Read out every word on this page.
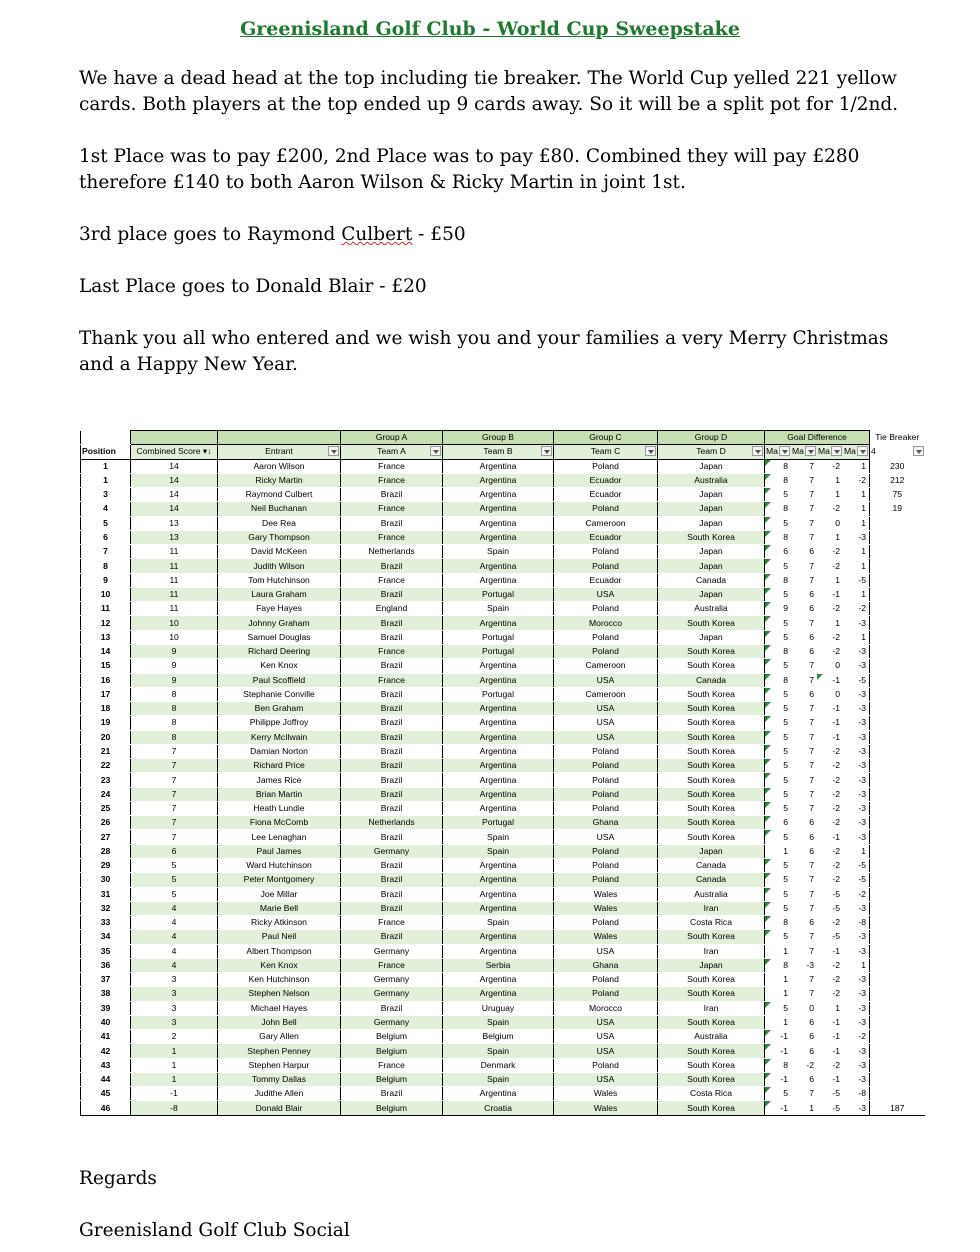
Greenisland Golf Club - World Cup Sweepstake
We have a dead head at the top including tie breaker. The World Cup yelled 221 yellow cards. Both players at the top ended up 9 cards away. So it will be a split pot for 1/2nd.
1st Place was to pay £200, 2nd Place was to pay £80. Combined they will pay £280 therefore £140 to both Aaron Wilson & Ricky Martin in joint 1st.
3rd place goes to Raymond Culbert - £50
Last Place goes to Donald Blair - £20
Thank you all who entered and we wish you and your families a very Merry Christmas and a Happy New Year.
Regards
Greenisland Golf Club Social
			Group A	Group B	Group C	Group D	Goal Difference				Tie Breaker
Position	Combined Score ▾↓	Entrant	Team A	Team B	Team C	Team D	Ma	Ma	Ma	Ma	4

1	14	Aaron Wilson	France	Argentina	Poland	Japan	8	7	-2	1	230
1	14	Ricky Martin	France	Argentina	Ecuador	Australia	8	7	1	-2	212
3	14	Raymond Culbert	Brazil	Argentina	Ecuador	Japan	5	7	1	1	75
4	14	Neil Buchanan	France	Argentina	Poland	Japan	8	7	-2	1	19
5	13	Dee Rea	Brazil	Argentina	Cameroon	Japan	5	7	0	1	
6	13	Gary Thompson	France	Argentina	Ecuador	South Korea	8	7	1	-3	
7	11	David McKeen	Netherlands	Spain	Poland	Japan	6	6	-2	1	
8	11	Judith Wilson	Brazil	Argentina	Poland	Japan	5	7	-2	1	
9	11	Tom Hutchinson	France	Argentina	Ecuador	Canada	8	7	1	-5	
10	11	Laura Graham	Brazil	Portugal	USA	Japan	5	6	-1	1	
11	11	Faye Hayes	England	Spain	Poland	Australia	9	6	-2	-2	
12	10	Johnny Graham	Brazil	Argentina	Morocco	South Korea	5	7	1	-3	
13	10	Samuel Douglas	Brazil	Portugal	Poland	Japan	5	6	-2	1	
14	9	Richard Deering	France	Portugal	Poland	South Korea	8	6	-2	-3	
15	9	Ken Knox	Brazil	Argentina	Cameroon	South Korea	5	7	0	-3	
16	9	Paul Scoffield	France	Argentina	USA	Canada	8	7	-1	-5	
17	8	Stephanie Conville	Brazil	Portugal	Cameroon	South Korea	5	6	0	-3	
18	8	Ben Graham	Brazil	Argentina	USA	South Korea	5	7	-1	-3	
19	8	Philippe Joffroy	Brazil	Argentina	USA	South Korea	5	7	-1	-3	
20	8	Kerry McIlwain	Brazil	Argentina	USA	South Korea	5	7	-1	-3	
21	7	Damian Norton	Brazil	Argentina	Poland	South Korea	5	7	-2	-3	
22	7	Richard Price	Brazil	Argentina	Poland	South Korea	5	7	-2	-3	
23	7	James Rice	Brazil	Argentina	Poland	South Korea	5	7	-2	-3	
24	7	Brian Martin	Brazil	Argentina	Poland	South Korea	5	7	-2	-3	
25	7	Heath Lundie	Brazil	Argentina	Poland	South Korea	5	7	-2	-3	
26	7	Fiona McComb	Netherlands	Portugal	Ghana	South Korea	6	6	-2	-3	
27	7	Lee Lenaghan	Brazil	Spain	USA	South Korea	5	6	-1	-3	
28	6	Paul James	Germany	Spain	Poland	Japan	1	6	-2	1	
29	5	Ward Hutchinson	Brazil	Argentina	Poland	Canada	5	7	-2	-5	
30	5	Peter Montgomery	Brazil	Argentina	Poland	Canada	5	7	-2	-5	
31	5	Joe Millar	Brazil	Argentina	Wales	Australia	5	7	-5	-2	
32	4	Marie Bell	Brazil	Argentina	Wales	Iran	5	7	-5	-3	
33	4	Ricky Atkinson	France	Spain	Poland	Costa Rica	8	6	-2	-8	
34	4	Paul Neil	Brazil	Argentina	Wales	South Korea	5	7	-5	-3	
35	4	Albert Thompson	Germany	Argentina	USA	Iran	1	7	-1	-3	
36	4	Ken Knox	France	Serbia	Ghana	Japan	8	-3	-2	1	
37	3	Ken Hutchinson	Germany	Argentina	Poland	South Korea	1	7	-2	-3	
38	3	Stephen Nelson	Germany	Argentina	Poland	South Korea	1	7	-2	-3	
39	3	Michael Hayes	Brazil	Uruguay	Morocco	Iran	5	0	1	-3	
40	3	John Bell	Germany	Spain	USA	South Korea	1	6	-1	-3	
41	2	Gary Allen	Belgium	Belgium	USA	Australia	-1	6	-1	-2	
42	1	Stephen Penney	Belgium	Spain	USA	South Korea	-1	6	-1	-3	
43	1	Stephen Harpur	France	Denmark	Poland	South Korea	8	-2	-2	-3	
44	1	Tommy Dallas	Belgium	Spain	USA	South Korea	-1	6	-1	-3	
45	-1	Judithe Allen	Brazil	Argentina	Wales	Costa Rica	5	7	-5	-8	
46	-8	Donald Blair	Belgium	Croatia	Wales	South Korea	-1	1	-5	-3	187
